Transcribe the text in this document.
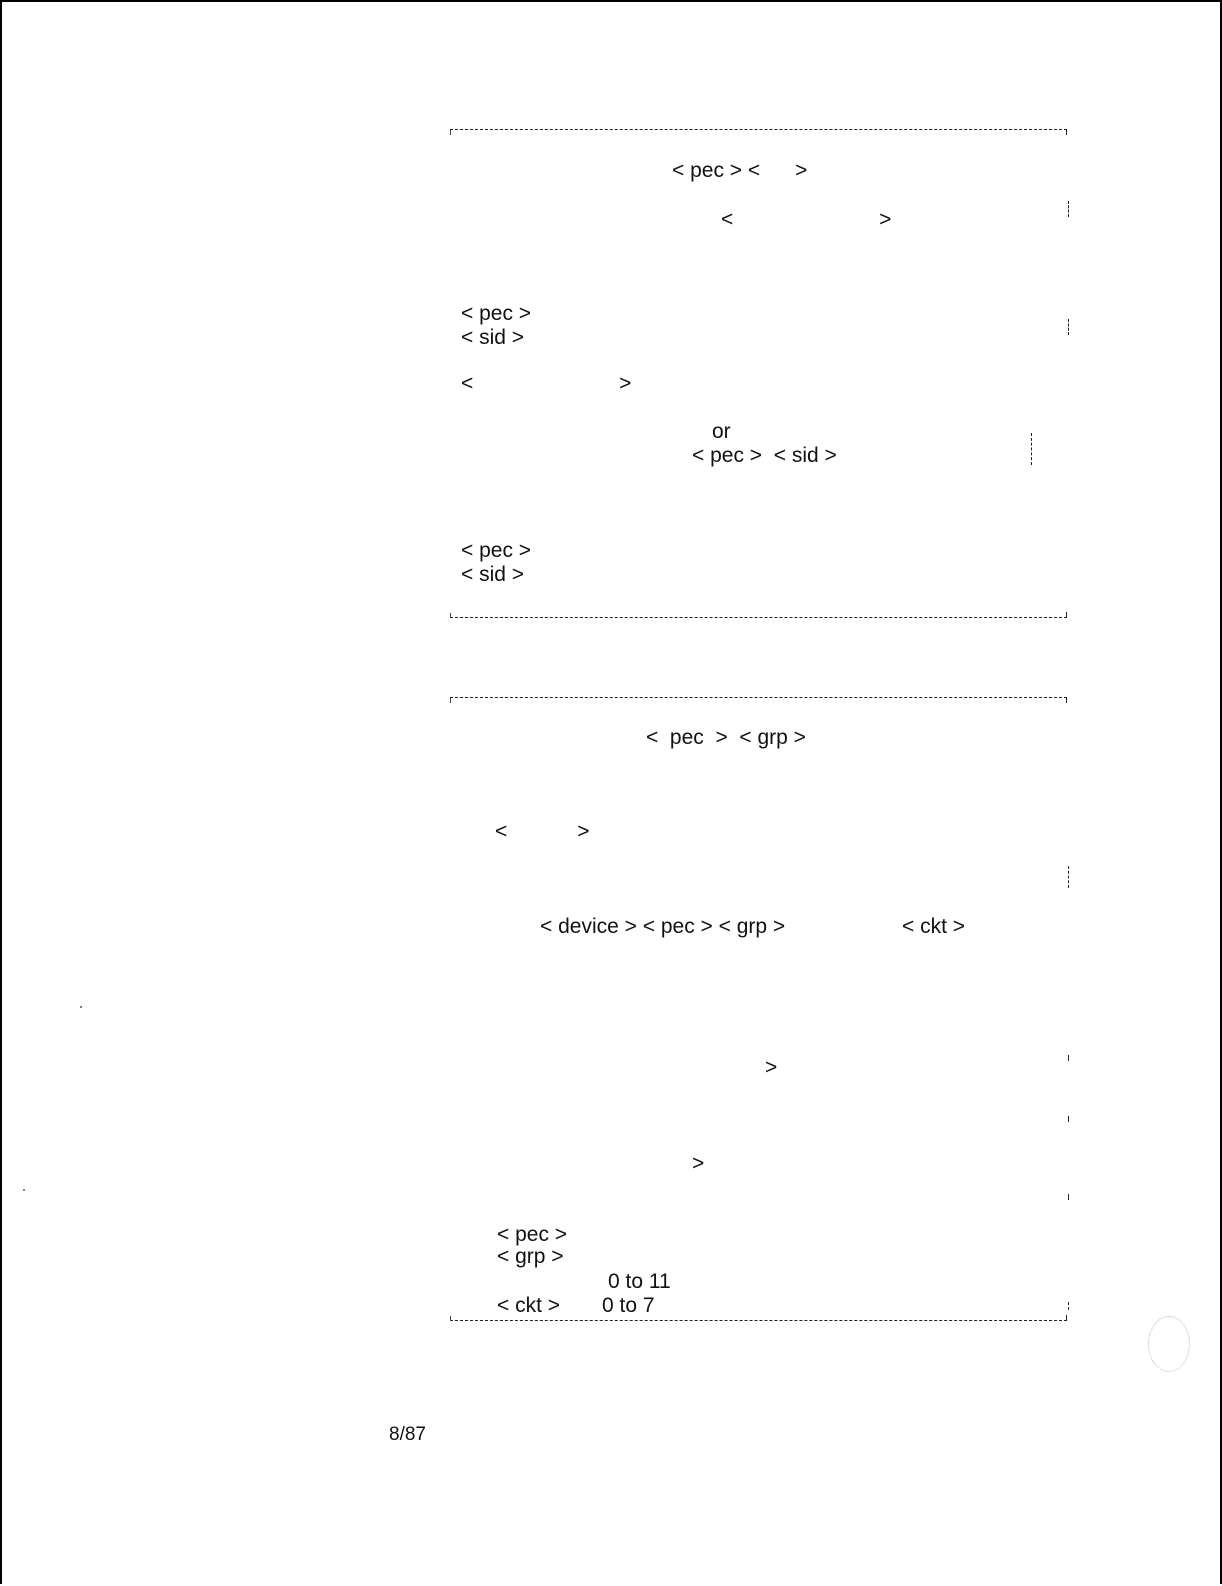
< pec > <      >
<                         >
< pec >
< sid >
<                         >
or
< pec >  < sid >
< pec >
< sid >
<  pec  >  < grp >
<            >
< device > < pec > < grp >	< ckt >
>
>
< pec >
< grp >
0 to 11
< ckt > 0 to 7
8/87
